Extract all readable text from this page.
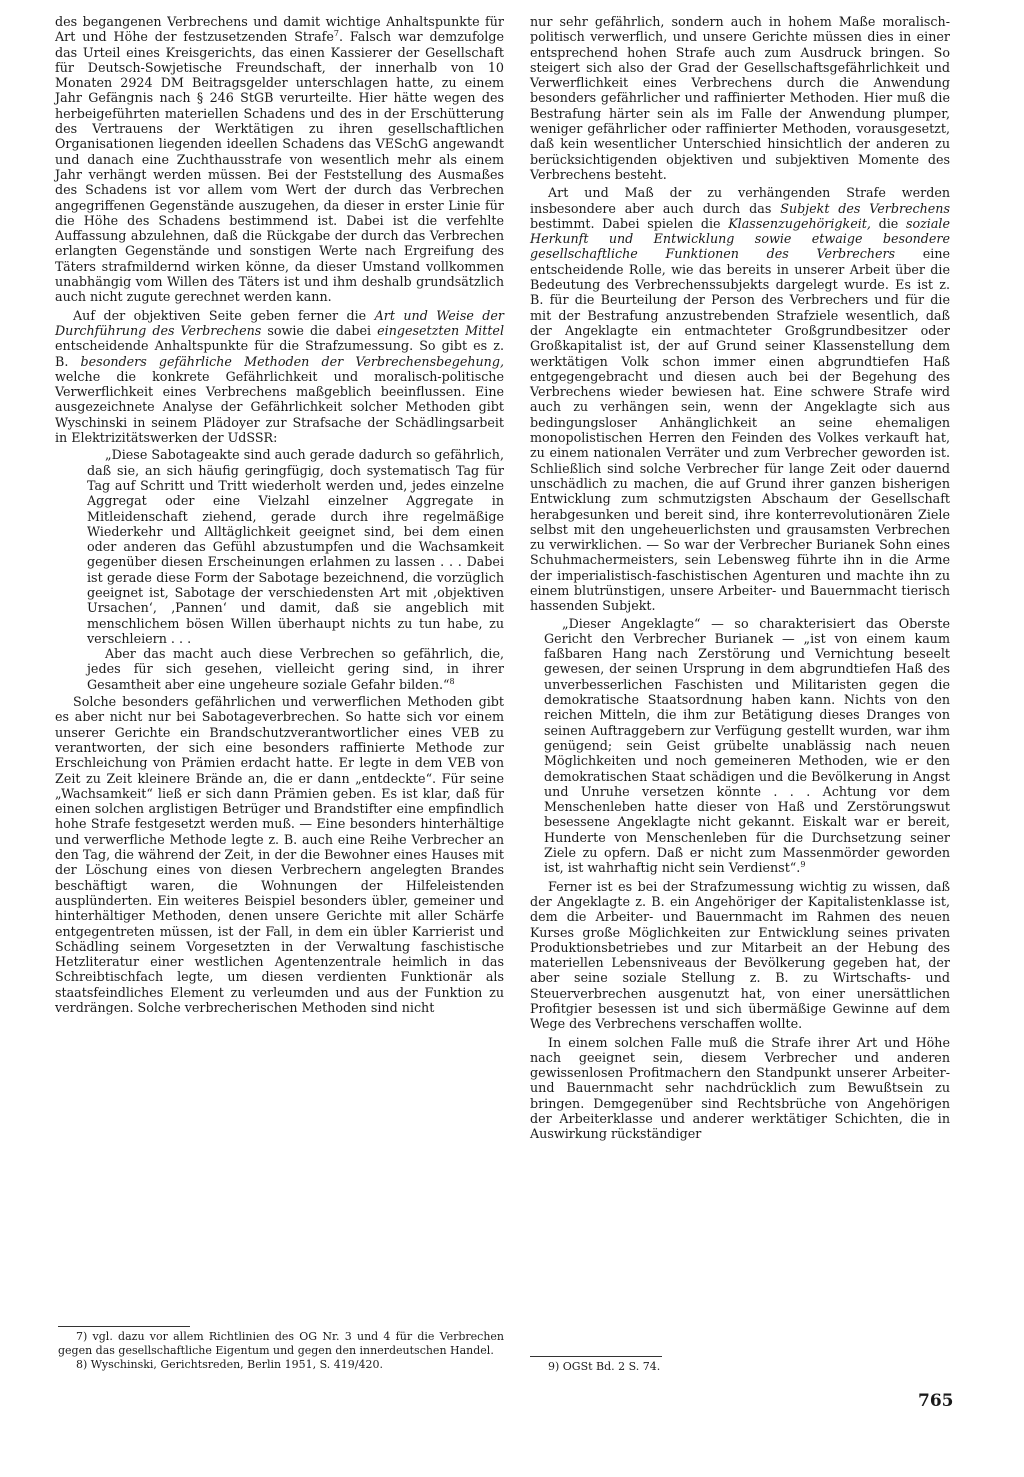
des begangenen Verbrechens und damit wichtige Anhaltspunkte für Art und Höhe der festzusetzenden Strafe$^7$. Falsch war demzufolge das Urteil eines Kreisgerichts, das einen Kassierer der Gesellschaft für Deutsch-Sowjetische Freundschaft, der innerhalb von 10 Monaten 2924 DM Beitragsgelder unterschlagen hatte, zu einem Jahr Gefängnis nach § 246 StGB verurteilte. Hier hätte wegen des herbeigeführten materiellen Schadens und des in der Erschütterung des Vertrauens der Werktätigen zu ihren gesellschaftlichen Organisationen liegenden ideellen Schadens das VESchG angewandt und danach eine Zuchthausstrafe von wesentlich mehr als einem Jahr verhängt werden müssen. Bei der Feststellung des Ausmaßes des Schadens ist vor allem vom Wert der durch das Verbrechen angegriffenen Gegenstände auszugehen, da dieser in erster Linie für die Höhe des Schadens bestimmend ist. Dabei ist die verfehlte Auffassung abzulehnen, daß die Rückgabe der durch das Verbrechen erlangten Gegenstände und sonstigen Werte nach Ergreifung des Täters strafmildernd wirken könne, da dieser Umstand vollkommen unabhängig vom Willen des Täters ist und ihm deshalb grundsätzlich auch nicht zugute gerechnet werden kann.

Auf der objektiven Seite geben ferner die Art und Weise der Durchführung des Verbrechens sowie die dabei eingesetzten Mittel entscheidende Anhaltspunkte für die Strafzumessung. So gibt es z. B. besonders gefährliche Methoden der Verbrechensbegehung, welche die konkrete Gefährlichkeit und moralisch-politische Verwerflichkeit eines Verbrechens maßgeblich beeinflussen. Eine ausgezeichnete Analyse der Gefährlichkeit solcher Methoden gibt Wyschinski in seinem Plädoyer zur Strafsache der Schädlingsarbeit in Elektrizitätswerken der UdSSR:

„Diese Sabotageakte sind auch gerade dadurch so gefährlich, daß sie, an sich häufig geringfügig, doch systematisch Tag für Tag auf Schritt und Tritt wiederholt werden und, jedes einzelne Aggregat oder eine Vielzahl einzelner Aggregate in Mitleidenschaft ziehend, gerade durch ihre regelmäßige Wiederkehr und Alltäglichkeit geeignet sind, bei dem einen oder anderen das Gefühl abzustumpfen und die Wachsamkeit gegenüber diesen Erscheinungen erlahmen zu lassen . . . Dabei ist gerade diese Form der Sabotage bezeichnend, die vorzüglich geeignet ist, Sabotage der verschiedensten Art mit ‚objektiven Ursachen‘, ‚Pannen‘ und damit, daß sie angeblich mit menschlichem bösen Willen überhaupt nichts zu tun habe, zu verschleiern . . .

Aber das macht auch diese Verbrechen so gefährlich, die, jedes für sich gesehen, vielleicht gering sind, in ihrer Gesamtheit aber eine ungeheure soziale Gefahr bilden.“$^8$

Solche besonders gefährlichen und verwerflichen Methoden gibt es aber nicht nur bei Sabotageverbrechen. So hatte sich vor einem unserer Gerichte ein Brandschutzverantwortlicher eines VEB zu verantworten, der sich eine besonders raffinierte Methode zur Erschleichung von Prämien erdacht hatte. Er legte in dem VEB von Zeit zu Zeit kleinere Brände an, die er dann „entdeckte“. Für seine „Wachsamkeit“ ließ er sich dann Prämien geben. Es ist klar, daß für einen solchen arglistigen Betrüger und Brandstifter eine empfindlich hohe Strafe festgesetzt werden muß. — Eine besonders hinterhältige und verwerfliche Methode legte z. B. auch eine Reihe Verbrecher an den Tag, die während der Zeit, in der die Bewohner eines Hauses mit der Löschung eines von diesen Verbrechern angelegten Brandes beschäftigt waren, die Wohnungen der Hilfeleistenden ausplünderten. Ein weiteres Beispiel besonders übler, gemeiner und hinterhältiger Methoden, denen unsere Gerichte mit aller Schärfe entgegentreten müssen, ist der Fall, in dem ein übler Karrierist und Schädling seinem Vorgesetzten in der Verwaltung faschistische Hetzliteratur einer westlichen Agentenzentrale heimlich in das Schreibtischfach legte, um diesen verdienten Funktionär als staatsfeindliches Element zu verleumden und aus der Funktion zu verdrängen. Solche verbrecherischen Methoden sind nicht

nur sehr gefährlich, sondern auch in hohem Maße moralisch-politisch verwerflich, und unsere Gerichte müssen dies in einer entsprechend hohen Strafe auch zum Ausdruck bringen. So steigert sich also der Grad der Gesellschaftsgefährlichkeit und Verwerflichkeit eines Verbrechens durch die Anwendung besonders gefährlicher und raffinierter Methoden. Hier muß die Bestrafung härter sein als im Falle der Anwendung plumper, weniger gefährlicher oder raffinierter Methoden, vorausgesetzt, daß kein wesentlicher Unterschied hinsichtlich der anderen zu berücksichtigenden objektiven und subjektiven Momente des Verbrechens besteht.

Art und Maß der zu verhängenden Strafe werden insbesondere aber auch durch das Subjekt des Verbrechens bestimmt. Dabei spielen die Klassenzugehörigkeit, die soziale Herkunft und Entwicklung sowie etwaige besondere gesellschaftliche Funktionen des Verbrechers eine entscheidende Rolle, wie das bereits in unserer Arbeit über die Bedeutung des Verbrechenssubjekts dargelegt wurde. Es ist z. B. für die Beurteilung der Person des Verbrechers und für die mit der Bestrafung anzustrebenden Strafziele wesentlich, daß der Angeklagte ein entmachteter Großgrundbesitzer oder Großkapitalist ist, der auf Grund seiner Klassenstellung dem werktätigen Volk schon immer einen abgrundtiefen Haß entgegengebracht und diesen auch bei der Begehung des Verbrechens wieder bewiesen hat. Eine schwere Strafe wird auch zu verhängen sein, wenn der Angeklagte sich aus bedingungsloser Anhänglichkeit an seine ehemaligen monopolistischen Herren den Feinden des Volkes verkauft hat, zu einem nationalen Verräter und zum Verbrecher geworden ist. Schließlich sind solche Verbrecher für lange Zeit oder dauernd unschädlich zu machen, die auf Grund ihrer ganzen bisherigen Entwicklung zum schmutzigsten Abschaum der Gesellschaft herabgesunken und bereit sind, ihre konterrevolutionären Ziele selbst mit den ungeheuerlichsten und grausamsten Verbrechen zu verwirklichen. — So war der Verbrecher Burianek Sohn eines Schuhmachermeisters, sein Lebensweg führte ihn in die Arme der imperialistisch-faschistischen Agenturen und machte ihn zu einem blutrünstigen, unsere Arbeiter- und Bauernmacht tierisch hassenden Subjekt.

„Dieser Angeklagte“ — so charakterisiert das Oberste Gericht den Verbrecher Burianek — „ist von einem kaum faßbaren Hang nach Zerstörung und Vernichtung beseelt gewesen, der seinen Ursprung in dem abgrundtiefen Haß des unverbesserlichen Faschisten und Militaristen gegen die demokratische Staatsordnung haben kann. Nichts von den reichen Mitteln, die ihm zur Betätigung dieses Dranges von seinen Auftraggebern zur Verfügung gestellt wurden, war ihm genügend; sein Geist grübelte unablässig nach neuen Möglichkeiten und noch gemeineren Methoden, wie er den demokratischen Staat schädigen und die Bevölkerung in Angst und Unruhe versetzen könnte . . . Achtung vor dem Menschenleben hatte dieser von Haß und Zerstörungswut besessene Angeklagte nicht gekannt. Eiskalt war er bereit, Hunderte von Menschenleben für die Durchsetzung seiner Ziele zu opfern. Daß er nicht zum Massenmörder geworden ist, ist wahrhaftig nicht sein Verdienst“.$^9$

Ferner ist es bei der Strafzumessung wichtig zu wissen, daß der Angeklagte z. B. ein Angehöriger der Kapitalistenklasse ist, dem die Arbeiter- und Bauernmacht im Rahmen des neuen Kurses große Möglichkeiten zur Entwicklung seines privaten Produktionsbetriebes und zur Mitarbeit an der Hebung des materiellen Lebensniveaus der Bevölkerung gegeben hat, der aber seine soziale Stellung z. B. zu Wirtschafts- und Steuerverbrechen ausgenutzt hat, von einer unersättlichen Profitgier besessen ist und sich übermäßige Gewinne auf dem Wege des Verbrechens verschaffen wollte.

In einem solchen Falle muß die Strafe ihrer Art und Höhe nach geeignet sein, diesem Verbrecher und anderen gewissenlosen Profitmachern den Standpunkt unserer Arbeiter- und Bauernmacht sehr nachdrücklich zum Bewußtsein zu bringen. Demgegenüber sind Rechtsbrüche von Angehörigen der Arbeiterklasse und anderer werktätiger Schichten, die in Auswirkung rückständiger

7) vgl. dazu vor allem Richtlinien des OG Nr. 3 und 4 für die Verbrechen gegen das gesellschaftliche Eigentum und gegen den innerdeutschen Handel.

8) Wyschinski, Gerichtsreden, Berlin 1951, S. 419/420.	9) OGSt Bd. 2 S. 74.

765
